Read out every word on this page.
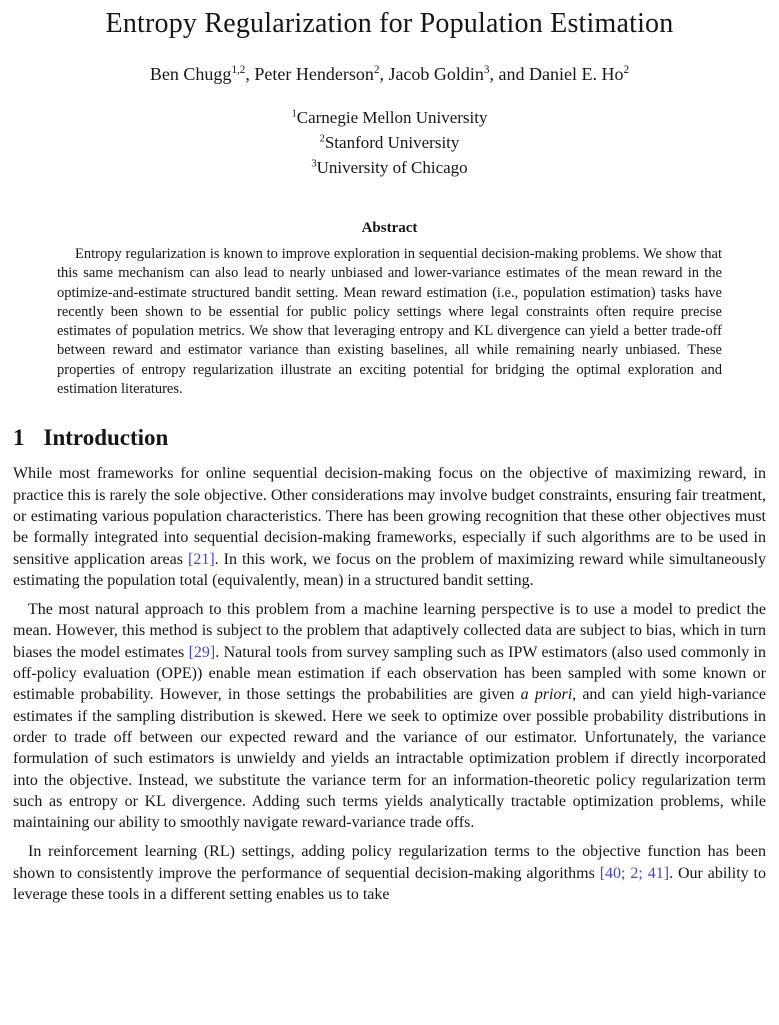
Entropy Regularization for Population Estimation
Ben Chugg$^{1,2}$, Peter Henderson$^2$, Jacob Goldin$^3$, and Daniel E. Ho$^2$
$^1$Carnegie Mellon University
$^2$Stanford University
$^3$University of Chicago
Abstract

Entropy regularization is known to improve exploration in sequential decision-making problems. We show that this same mechanism can also lead to nearly unbiased and lower-variance estimates of the mean reward in the optimize-and-estimate structured bandit setting. Mean reward estimation (i.e., population estimation) tasks have recently been shown to be essential for public policy settings where legal constraints often require precise estimates of population metrics. We show that leveraging entropy and KL divergence can yield a better trade-off between reward and estimator variance than existing baselines, all while remaining nearly unbiased. These properties of entropy regularization illustrate an exciting potential for bridging the optimal exploration and estimation literatures.

1 Introduction

While most frameworks for online sequential decision-making focus on the objective of maximizing reward, in practice this is rarely the sole objective. Other considerations may involve budget constraints, ensuring fair treatment, or estimating various population characteristics. There has been growing recognition that these other objectives must be formally integrated into sequential decision-making frameworks, especially if such algorithms are to be used in sensitive application areas [21]. In this work, we focus on the problem of maximizing reward while simultaneously estimating the population total (equivalently, mean) in a structured bandit setting.

The most natural approach to this problem from a machine learning perspective is to use a model to predict the mean. However, this method is subject to the problem that adaptively collected data are subject to bias, which in turn biases the model estimates [29]. Natural tools from survey sampling such as IPW estimators (also used commonly in off-policy evaluation (OPE)) enable mean estimation if each observation has been sampled with some known or estimable probability. However, in those settings the probabilities are given a priori, and can yield high-variance estimates if the sampling distribution is skewed. Here we seek to optimize over possible probability distributions in order to trade off between our expected reward and the variance of our estimator. Unfortunately, the variance formulation of such estimators is unwieldy and yields an intractable optimization problem if directly incorporated into the objective. Instead, we substitute the variance term for an information-theoretic policy regularization term such as entropy or KL divergence. Adding such terms yields analytically tractable optimization problems, while maintaining our ability to smoothly navigate reward-variance trade offs.

In reinforcement learning (RL) settings, adding policy regularization terms to the objective function has been shown to consistently improve the performance of sequential decision-making algorithms [40; 2; 41]. Our ability to leverage these tools in a different setting enables us to take
